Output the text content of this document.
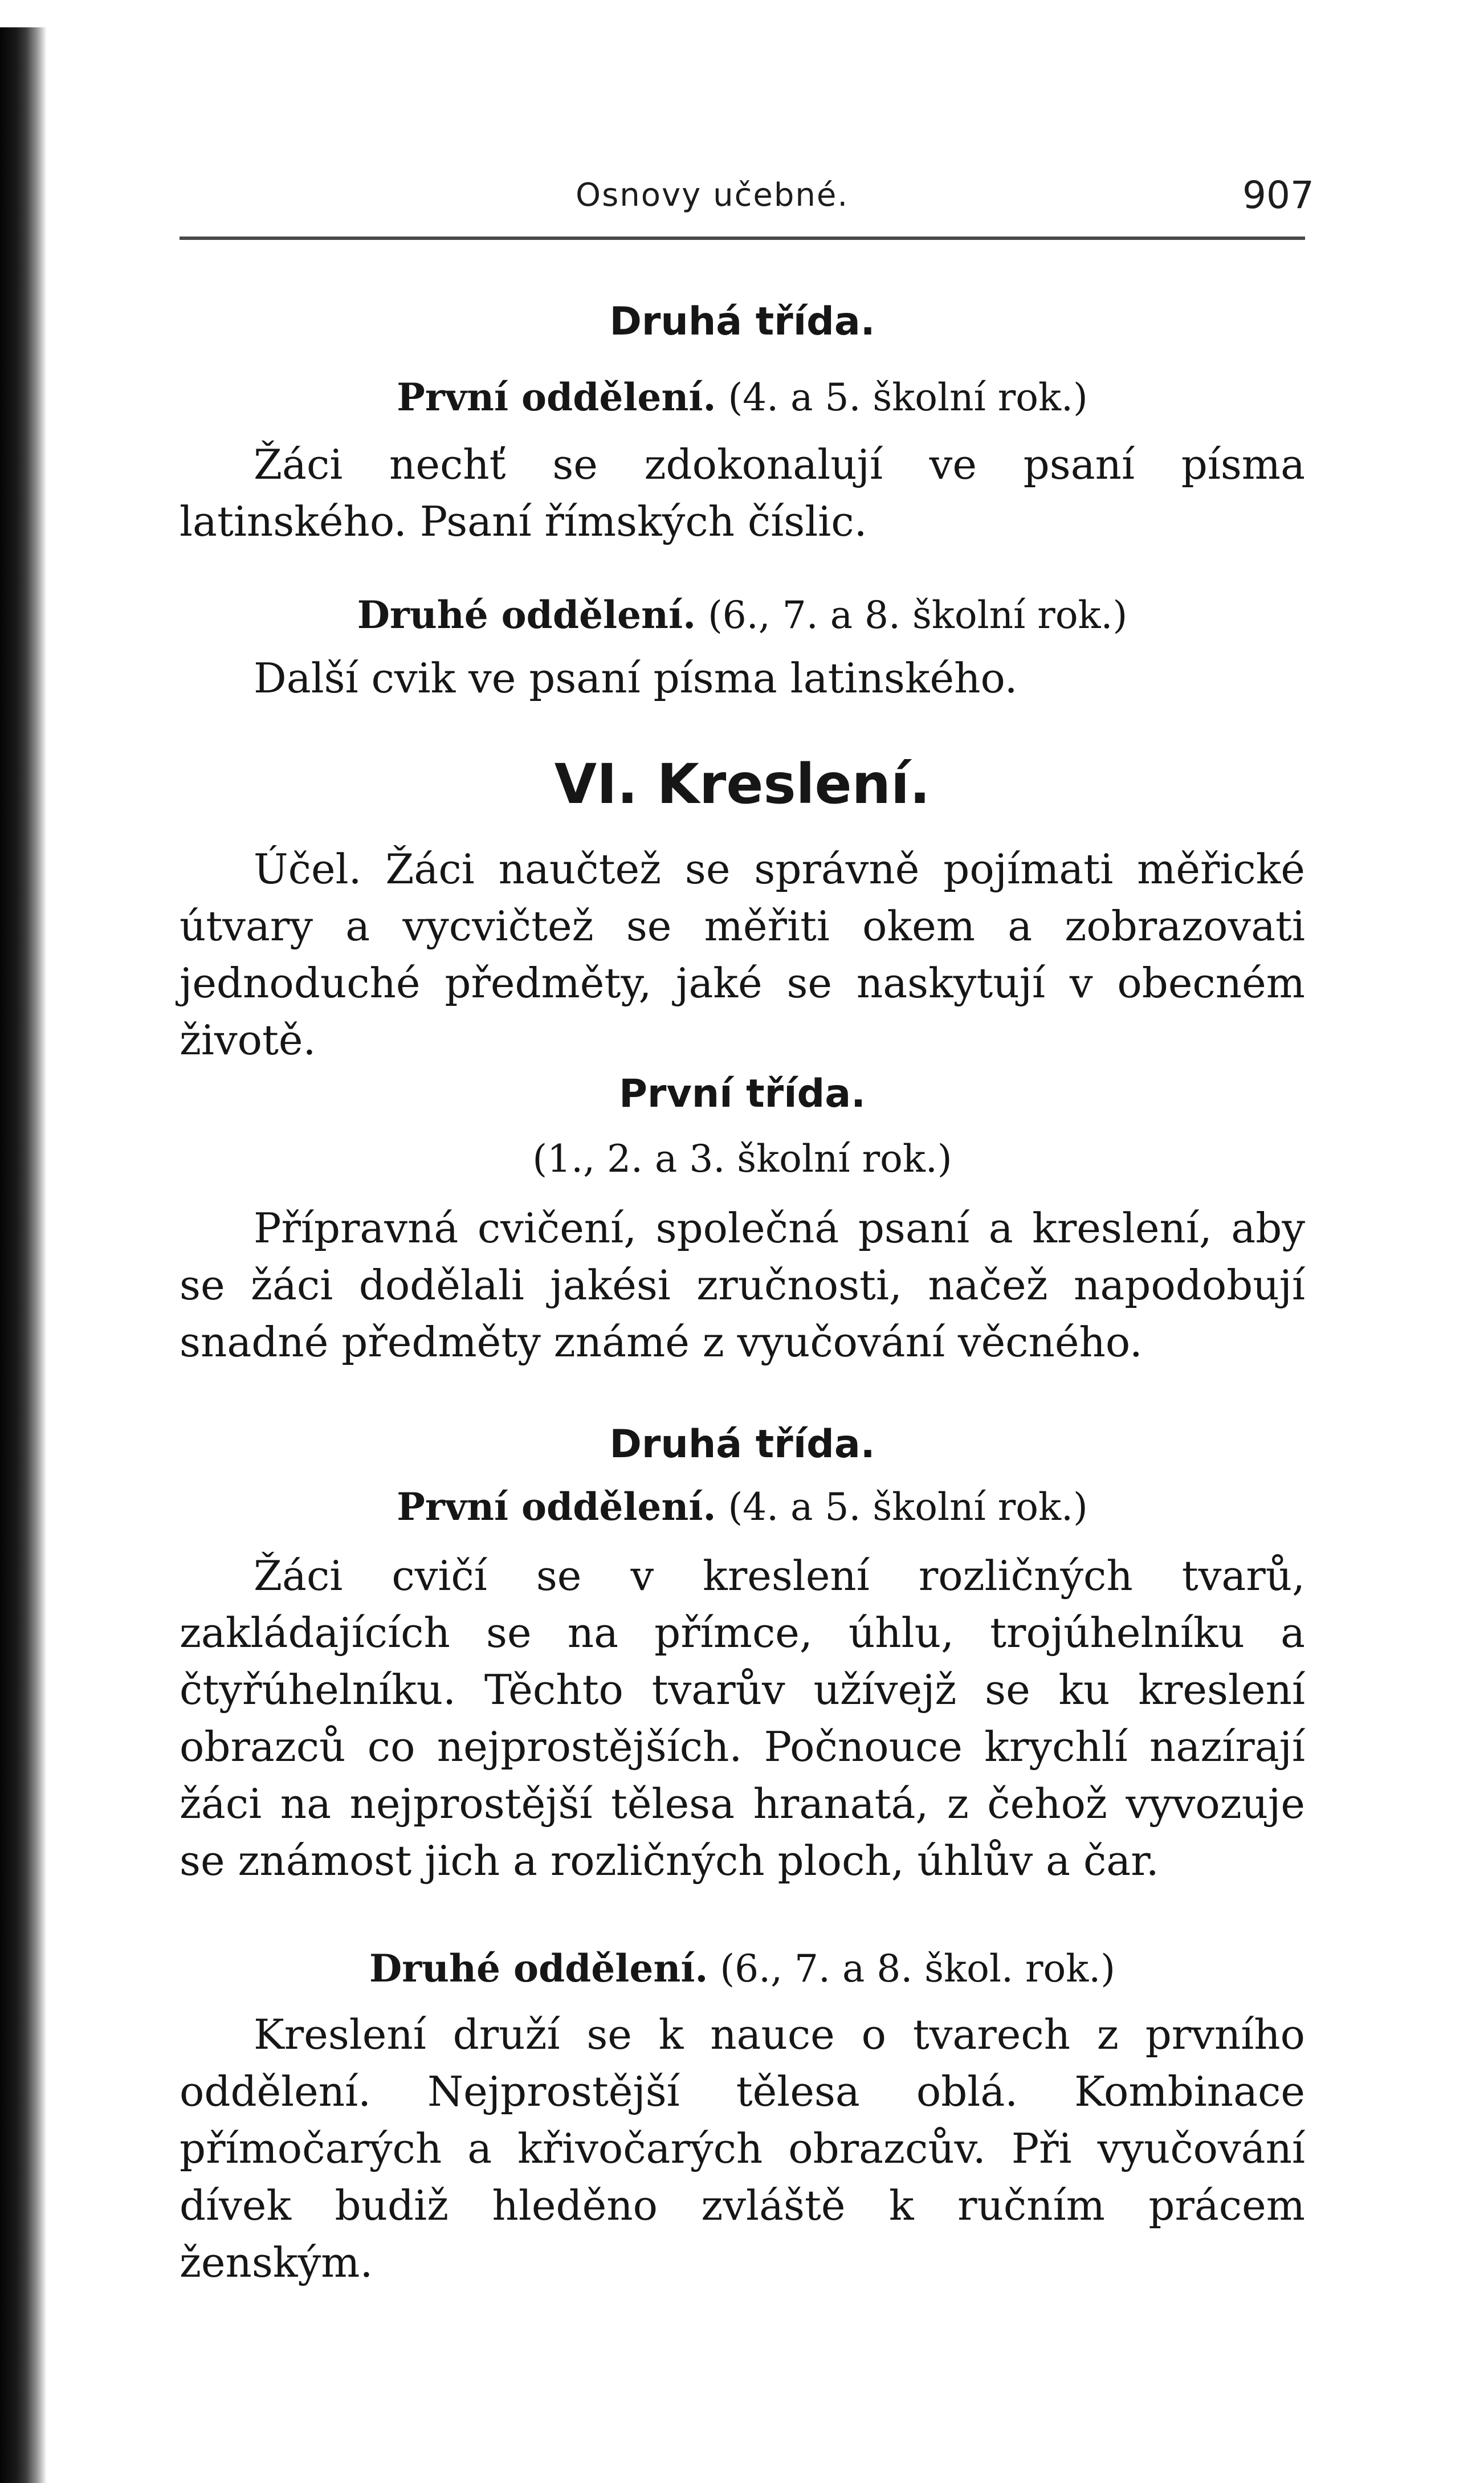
Osnovy učebné.	907
Druhá třída.
První oddělení. (4. a 5. školní rok.)
Žáci nechť se zdokonalují ve psaní písma latinského. Psaní římských číslic.
Druhé oddělení. (6., 7. a 8. školní rok.)
Další cvik ve psaní písma latinského.
VI. Kreslení.
Účel. Žáci naučtež se správně pojímati měřické útvary a vycvičtež se měřiti okem a zobrazovati jednoduché předměty, jaké se naskytují v obecném životě.
První třída.
(1., 2. a 3. školní rok.)
Přípravná cvičení, společná psaní a kreslení, aby se žáci dodělali jakési zručnosti, načež napodobují snadné předměty známé z vyučování věcného.
Druhá třída.
První oddělení. (4. a 5. školní rok.)
Žáci cvičí se v kreslení rozličných tvarů, zakládajících se na přímce, úhlu, trojúhelníku a čtyřúhelníku. Těchto tvarův užívejž se ku kreslení obrazců co nejprostějších. Počnouce krychlí nazírají žáci na nejprostější tělesa hranatá, z čehož vyvozuje se známost jich a rozličných ploch, úhlův a čar.
Druhé oddělení. (6., 7. a 8. škol. rok.)
Kreslení druží se k nauce o tvarech z prvního oddělení. Nejprostější tělesa oblá. Kombinace přímočarých a křivočarých obrazcův. Při vyučování dívek budiž hleděno zvláště k ručním prácem ženským.
